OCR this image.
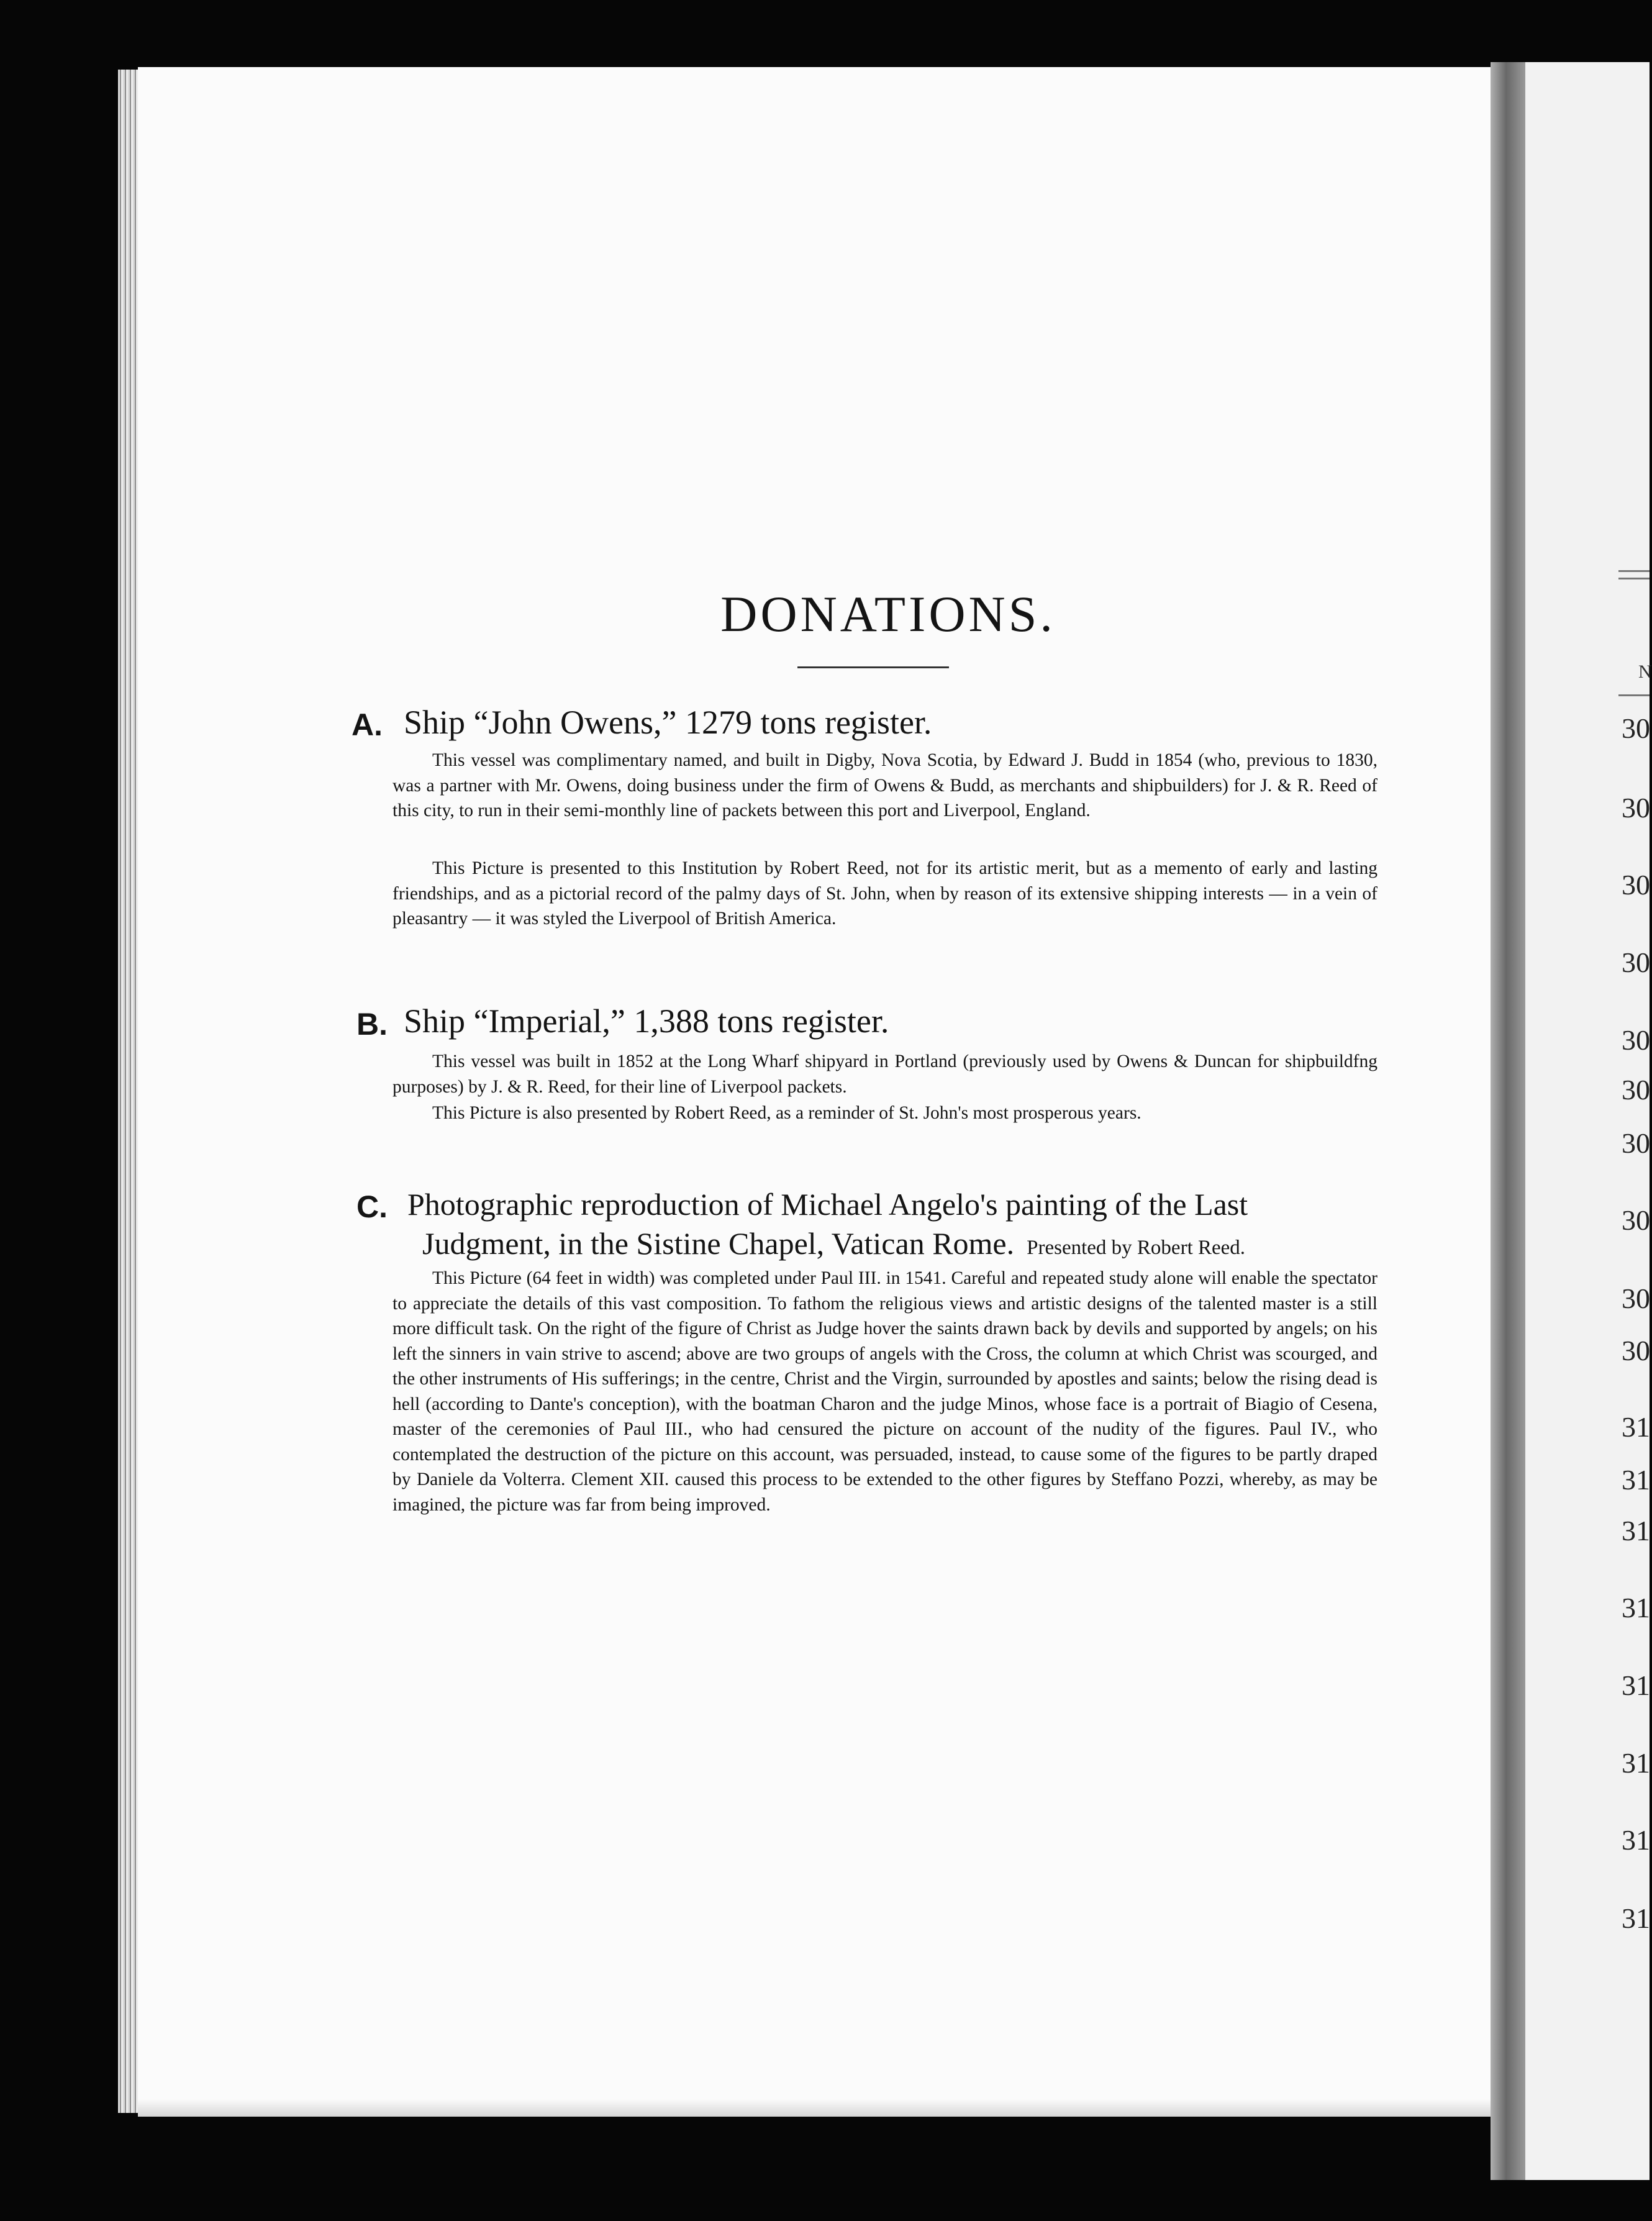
N
30
30
30
30
30
30
30
30
30
30
31
31
31
31
31
31
31
31
DONATIONS.
A. Ship “John Owens,” 1279 tons register.
This vessel was complimentary named, and built in Digby, Nova Scotia, by Edward J. Budd in 1854 (who, previous to 1830, was a partner with Mr. Owens, doing business under the firm of Owens & Budd, as merchants and shipbuilders) for J. & R. Reed of this city, to run in their semi-monthly line of packets between this port and Liverpool, England.
This Picture is presented to this Institution by Robert Reed, not for its artistic merit, but as a memento of early and lasting friendships, and as a pictorial record of the palmy days of St. John, when by reason of its extensive shipping interests — in a vein of pleasantry — it was styled the Liverpool of British America.
B. Ship “Imperial,” 1,388 tons register.
This vessel was built in 1852 at the Long Wharf shipyard in Portland (previously used by Owens & Duncan for shipbuildfng purposes) by J. & R. Reed, for their line of Liverpool packets.
This Picture is also presented by Robert Reed, as a reminder of St. John's most prosperous years.
C. Photographic reproduction of Michael Angelo's painting of the Last
Judgment, in the Sistine Chapel, Vatican Rome. Presented by Robert Reed.
This Picture (64 feet in width) was completed under Paul III. in 1541. Careful and repeated study alone will enable the spectator to appreciate the details of this vast composition. To fathom the religious views and artistic designs of the talented master is a still more difficult task. On the right of the figure of Christ as Judge hover the saints drawn back by devils and supported by angels; on his left the sinners in vain strive to ascend; above are two groups of angels with the Cross, the column at which Christ was scourged, and the other instruments of His sufferings; in the centre, Christ and the Virgin, surrounded by apostles and saints; below the rising dead is hell (according to Dante's conception), with the boatman Charon and the judge Minos, whose face is a portrait of Biagio of Cesena, master of the ceremonies of Paul III., who had censured the picture on account of the nudity of the figures. Paul IV., who contemplated the destruction of the picture on this account, was persuaded, instead, to cause some of the figures to be partly draped by Daniele da Volterra. Clement XII. caused this process to be extended to the other figures by Steffano Pozzi, whereby, as may be imagined, the picture was far from being improved.
